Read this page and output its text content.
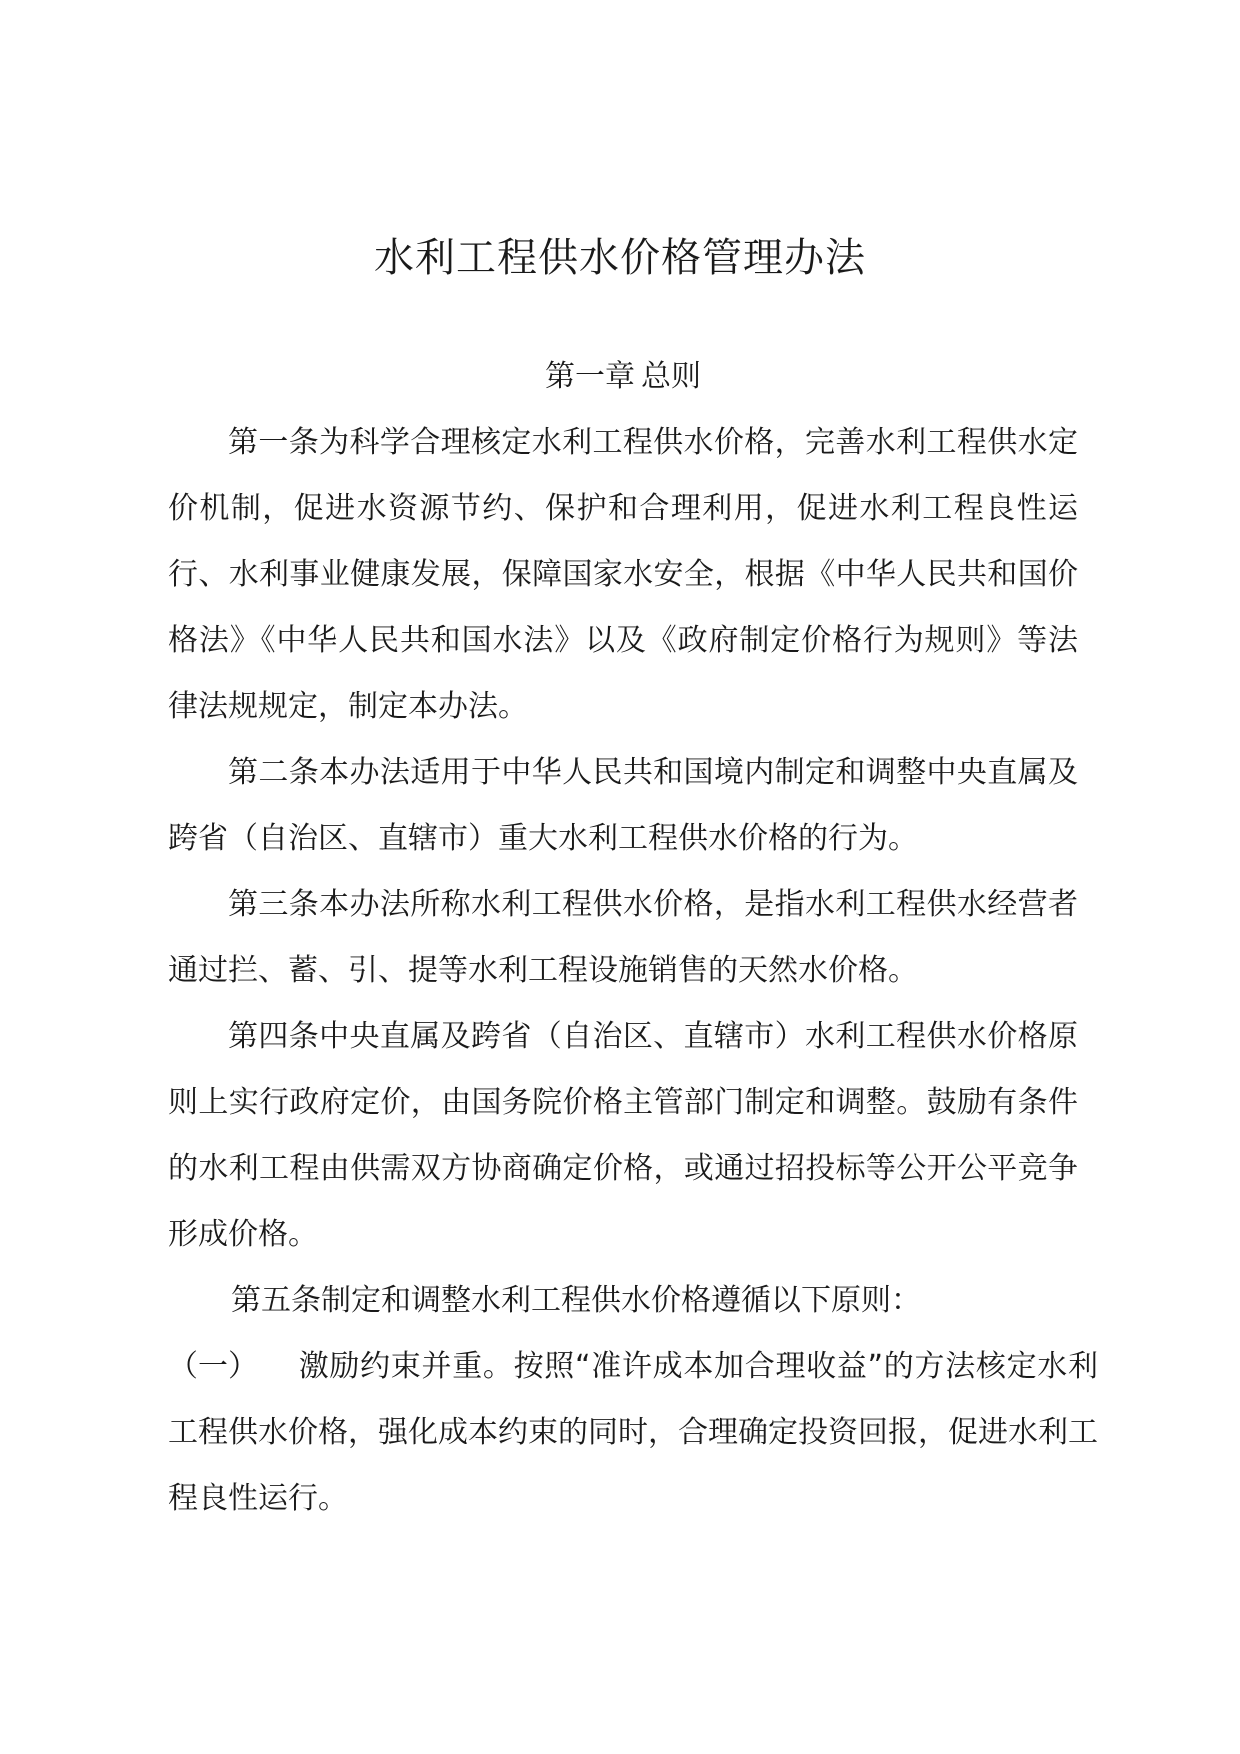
水利工程供水价格管理办法
第一章 总则

第一条为科学合理核定水利工程供水价格，完善水利工程供水定价机制，促进水资源节约、保护和合理利用，促进水利工程良性运行、水利事业健康发展，保障国家水安全，根据《中华人民共和国价格法》《中华人民共和国水法》以及《政府制定价格行为规则》等法律法规规定，制定本办法。

第二条本办法适用于中华人民共和国境内制定和调整中央直属及跨省（自治区、直辖市）重大水利工程供水价格的行为。

第三条本办法所称水利工程供水价格，是指水利工程供水经营者通过拦、蓄、引、提等水利工程设施销售的天然水价格。

第四条中央直属及跨省（自治区、直辖市）水利工程供水价格原则上实行政府定价，由国务院价格主管部门制定和调整。鼓励有条件的水利工程由供需双方协商确定价格，或通过招投标等公开公平竞争形成价格。

第五条制定和调整水利工程供水价格遵循以下原则：

（一） 激励约束并重。按照“准许成本加合理收益”的方法核定水利工程供水价格，强化成本约束的同时，合理确定投资回报，促进水利工程良性运行。
